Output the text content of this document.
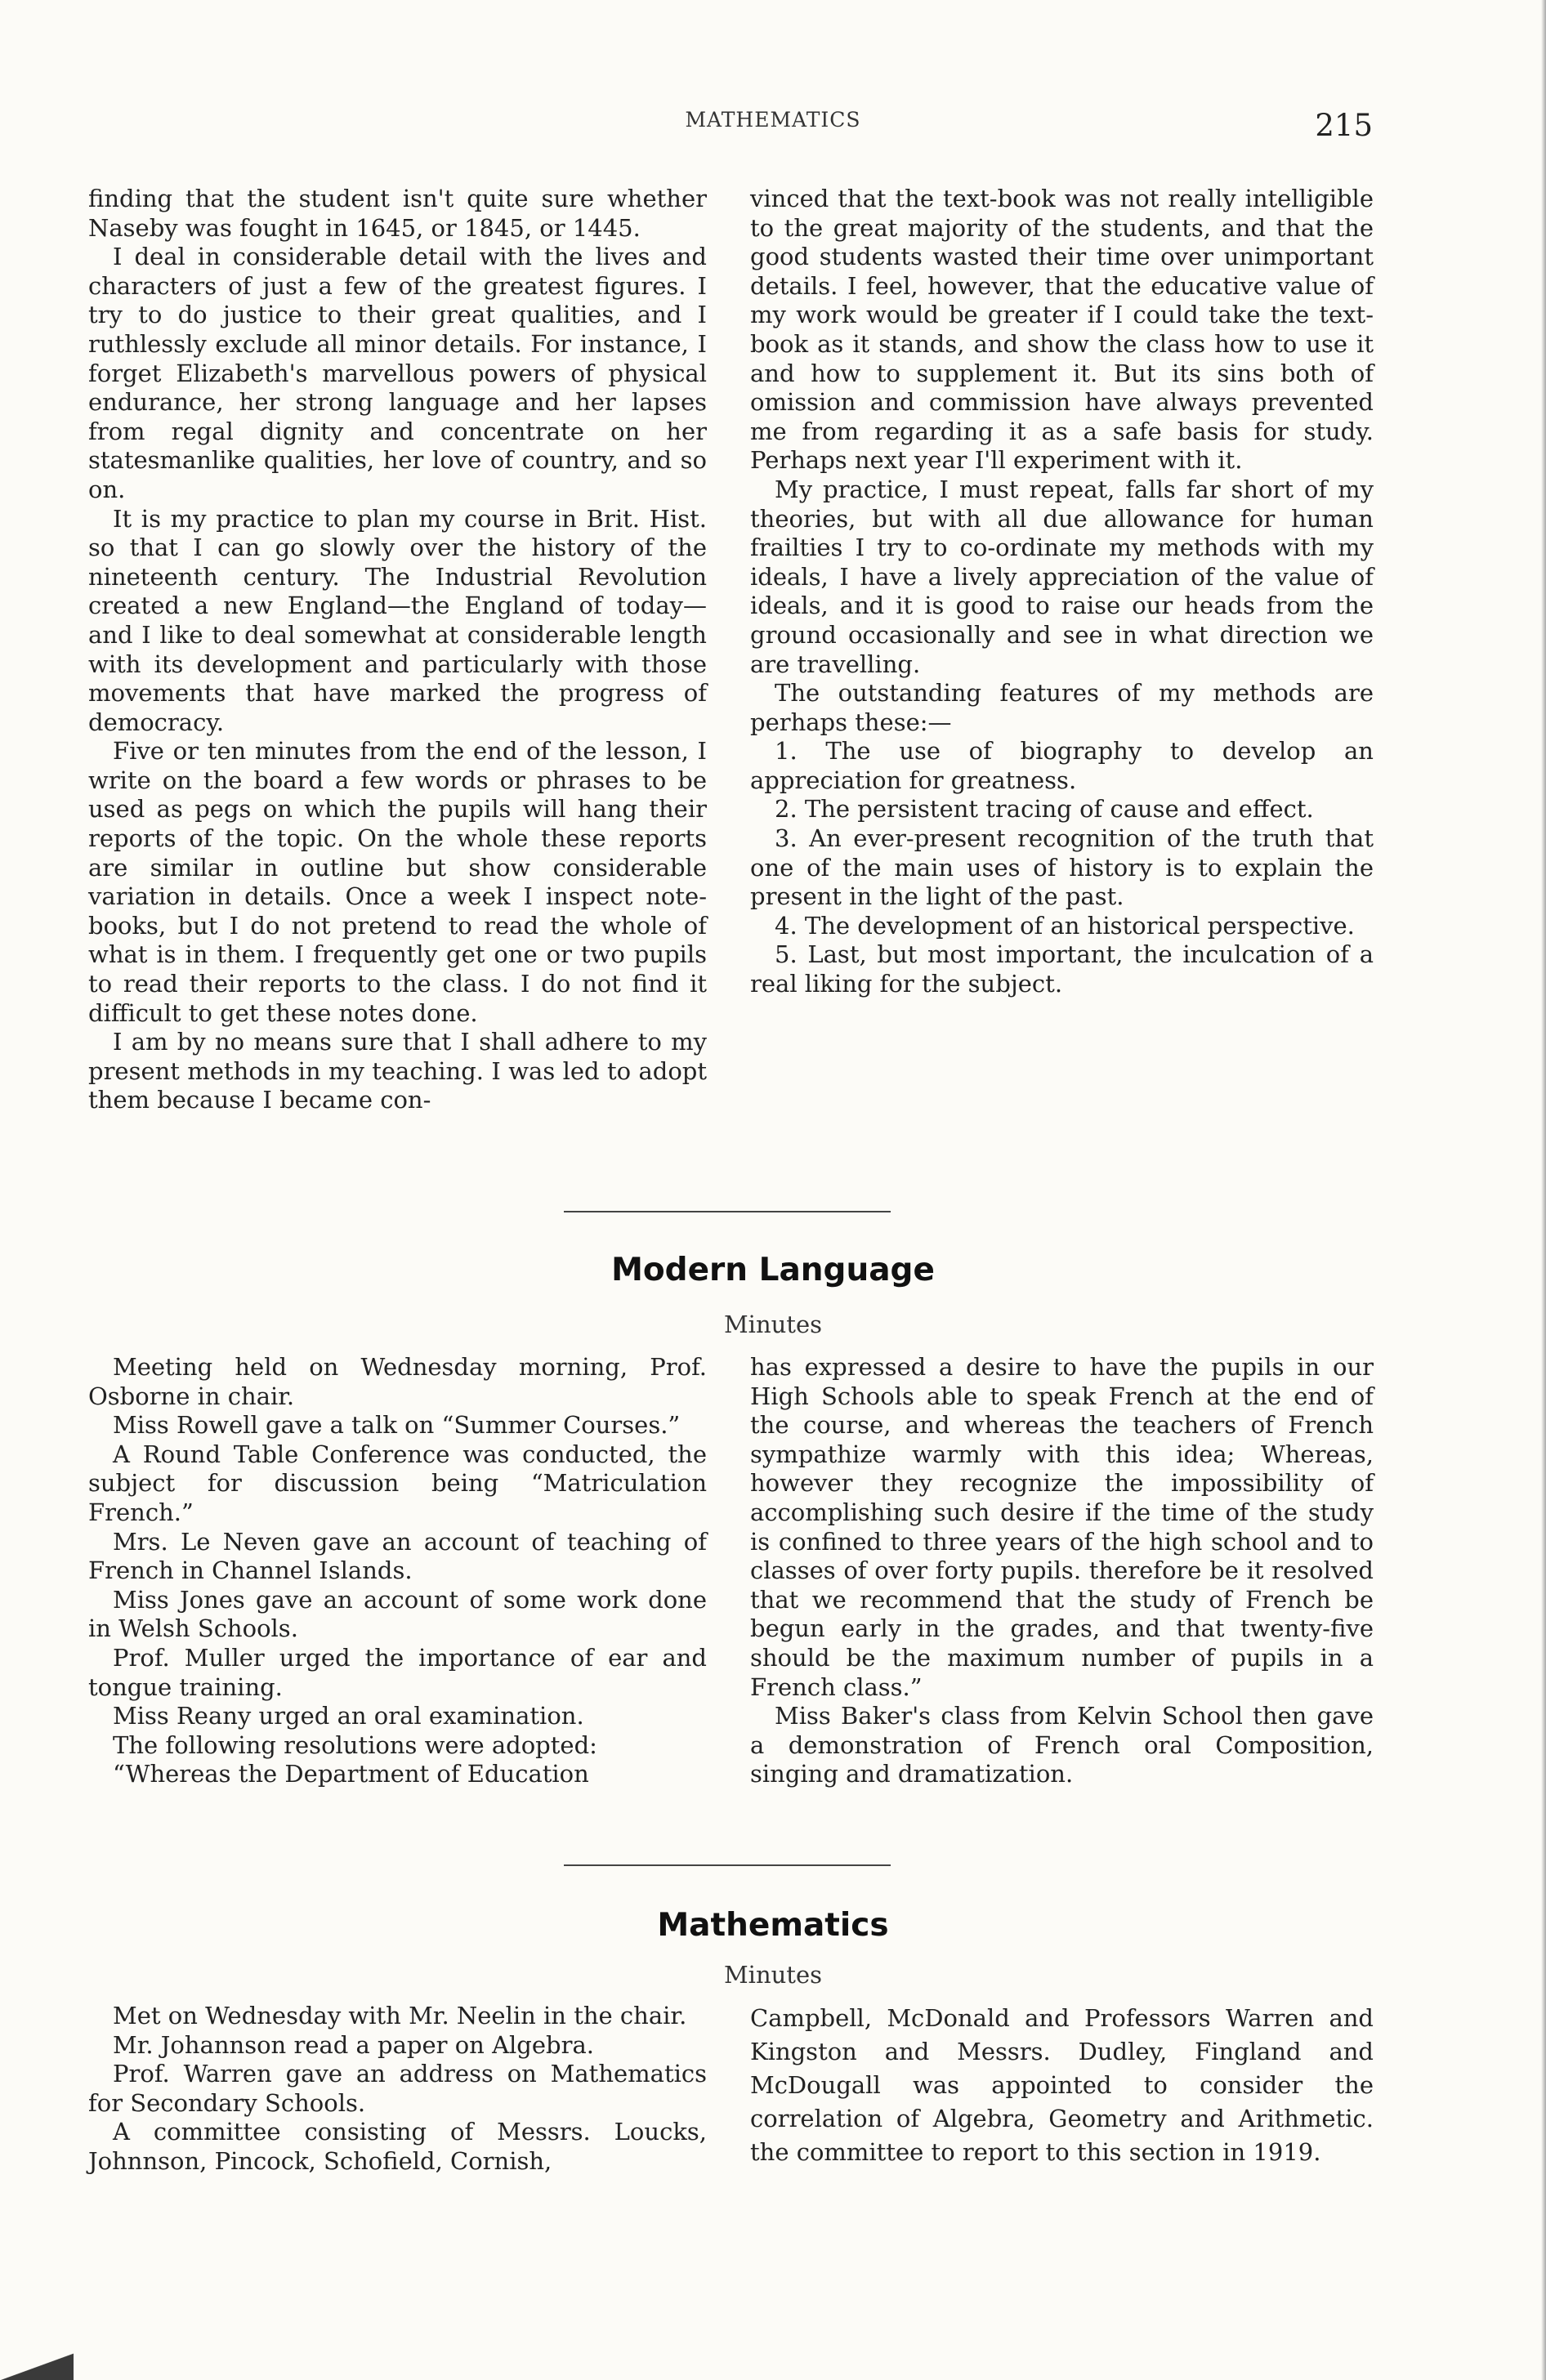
MATHEMATICS	215

finding that the student isn't quite sure whether Naseby was fought in 1645, or 1845, or 1445.

I deal in considerable detail with the lives and characters of just a few of the greatest figures. I try to do justice to their great qualities, and I ruthlessly exclude all minor details. For instance, I forget Elizabeth's marvellous powers of physical endurance, her strong language and her lapses from regal dignity and concentrate on her statesmanlike qualities, her love of country, and so on.

It is my practice to plan my course in Brit. Hist. so that I can go slowly over the history of the nineteenth century. The Industrial Revolution created a new England—the England of today—and I like to deal somewhat at considerable length with its development and particularly with those movements that have marked the progress of democracy.

Five or ten minutes from the end of the lesson, I write on the board a few words or phrases to be used as pegs on which the pupils will hang their reports of the topic. On the whole these reports are similar in outline but show considerable variation in details. Once a week I inspect note-books, but I do not pretend to read the whole of what is in them. I frequently get one or two pupils to read their reports to the class. I do not find it difficult to get these notes done.

I am by no means sure that I shall adhere to my present methods in my teaching. I was led to adopt them because I became con-

vinced that the text-book was not really intelligible to the great majority of the students, and that the good students wasted their time over unimportant details. I feel, however, that the educative value of my work would be greater if I could take the text-book as it stands, and show the class how to use it and how to supplement it. But its sins both of omission and commission have always prevented me from regarding it as a safe basis for study. Perhaps next year I'll experiment with it.

My practice, I must repeat, falls far short of my theories, but with all due allowance for human frailties I try to co-ordinate my methods with my ideals, I have a lively appreciation of the value of ideals, and it is good to raise our heads from the ground occasionally and see in what direction we are travelling.

The outstanding features of my methods are perhaps these:—

1. The use of biography to develop an appreciation for greatness.

2. The persistent tracing of cause and effect.

3. An ever-present recognition of the truth that one of the main uses of history is to explain the present in the light of the past.

4. The development of an historical perspective.

5. Last, but most important, the inculcation of a real liking for the subject.

Modern Language
Minutes

Meeting held on Wednesday morning, Prof. Osborne in chair.

Miss Rowell gave a talk on “Summer Courses.”

A Round Table Conference was conducted, the subject for discussion being “Matriculation French.”

Mrs. Le Neven gave an account of teaching of French in Channel Islands.

Miss Jones gave an account of some work done in Welsh Schools.

Prof. Muller urged the importance of ear and tongue training.

Miss Reany urged an oral examination.

The following resolutions were adopted:

“Whereas the Department of Education

has expressed a desire to have the pupils in our High Schools able to speak French at the end of the course, and whereas the teachers of French sympathize warmly with this idea; Whereas, however they recognize the impossibility of accomplishing such desire if the time of the study is confined to three years of the high school and to classes of over forty pupils. therefore be it resolved that we recommend that the study of French be begun early in the grades, and that twenty-five should be the maximum number of pupils in a French class.”

Miss Baker's class from Kelvin School then gave a demonstration of French oral Composition, singing and dramatization.

Mathematics
Minutes

Met on Wednesday with Mr. Neelin in the chair.

Mr. Johannson read a paper on Algebra.

Prof. Warren gave an address on Mathematics for Secondary Schools.

A committee consisting of Messrs. Loucks, Johnnson, Pincock, Schofield, Cornish,

Campbell, McDonald and Professors Warren and Kingston and Messrs. Dudley, Fingland and McDougall was appointed to consider the correlation of Algebra, Geometry and Arithmetic. the committee to report to this section in 1919.
